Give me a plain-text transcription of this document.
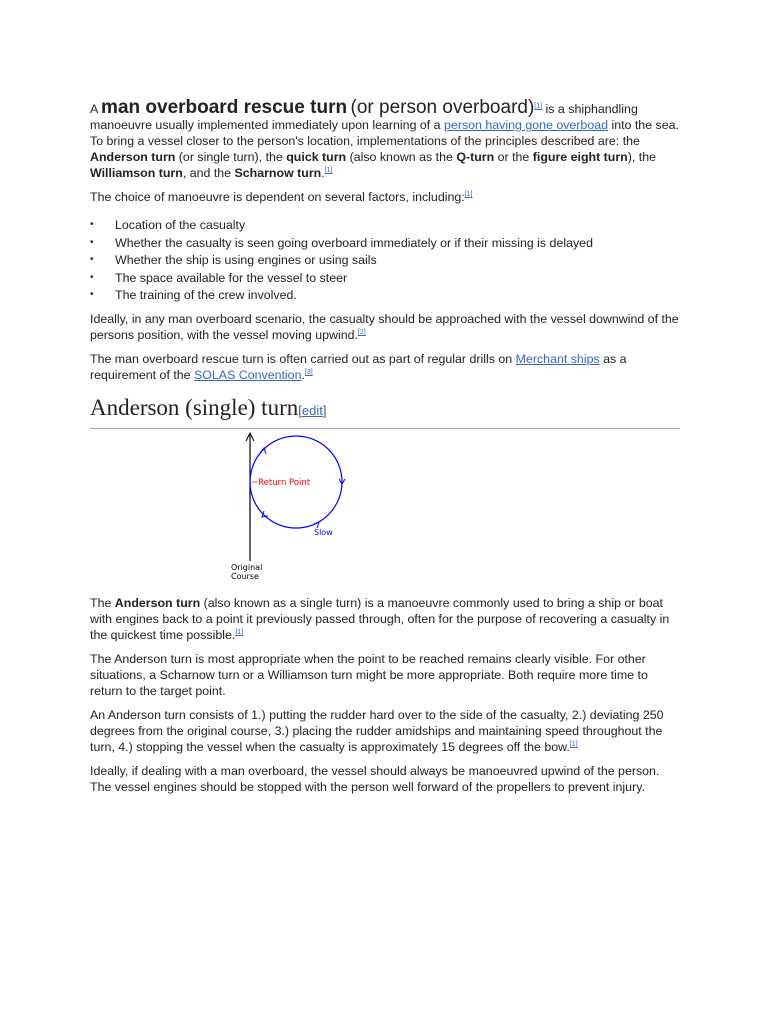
A man overboard rescue turn (or person overboard)[1] is a shiphandling manoeuvre usually implemented immediately upon learning of a person having gone overboad into the sea. To bring a vessel closer to the person's location, implementations of the principles described are: the Anderson turn (or single turn), the quick turn (also known as the Q-turn or the figure eight turn), the Williamson turn, and the Scharnow turn.[1]

The choice of manoeuvre is dependent on several factors, including:[1]

• Location of the casualty
• Whether the casualty is seen going overboard immediately or if their missing is delayed
• Whether the ship is using engines or using sails
• The space available for the vessel to steer
• The training of the crew involved.

Ideally, in any man overboard scenario, the casualty should be approached with the vessel downwind of the persons position, with the vessel moving upwind.[2]

The man overboard rescue turn is often carried out as part of regular drills on Merchant ships as a requirement of the SOLAS Convention.[3]

Anderson (single) turn[edit]
~Return Point
Slow
Original
Course

The Anderson turn (also known as a single turn) is a manoeuvre commonly used to bring a ship or boat with engines back to a point it previously passed through, often for the purpose of recovering a casualty in the quickest time possible.[1]

The Anderson turn is most appropriate when the point to be reached remains clearly visible. For other situations, a Scharnow turn or a Williamson turn might be more appropriate. Both require more time to return to the target point.

An Anderson turn consists of 1.) putting the rudder hard over to the side of the casualty, 2.) deviating 250 degrees from the original course, 3.) placing the rudder amidships and maintaining speed throughout the turn, 4.) stopping the vessel when the casualty is approximately 15 degrees off the bow.[1]

Ideally, if dealing with a man overboard, the vessel should always be manoeuvred upwind of the person. The vessel engines should be stopped with the person well forward of the propellers to prevent injury.
